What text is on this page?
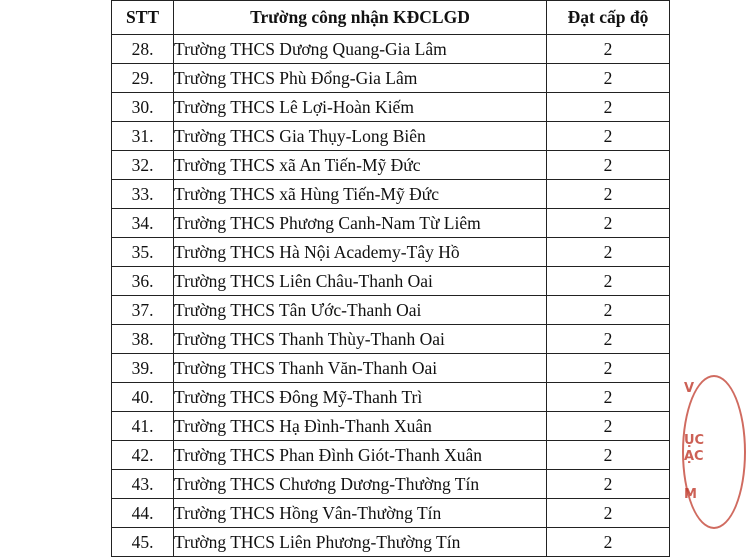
STT	Trường công nhận KĐCLGD	Đạt cấp độ
28.	Trường THCS Dương Quang-Gia Lâm	2
29.	Trường THCS Phù Đổng-Gia Lâm	2
30.	Trường THCS Lê Lợi-Hoàn Kiếm	2
31.	Trường THCS Gia Thụy-Long Biên	2
32.	Trường THCS xã An Tiến-Mỹ Đức	2
33.	Trường THCS xã Hùng Tiến-Mỹ Đức	2
34.	Trường THCS Phương Canh-Nam Từ Liêm	2
35.	Trường THCS Hà Nội Academy-Tây Hồ	2
36.	Trường THCS Liên Châu-Thanh Oai	2
37.	Trường THCS Tân Ước-Thanh Oai	2
38.	Trường THCS Thanh Thùy-Thanh Oai	2
39.	Trường THCS Thanh Văn-Thanh Oai	2
40.	Trường THCS Đông Mỹ-Thanh Trì	2
41.	Trường THCS Hạ Đình-Thanh Xuân	2
42.	Trường THCS Phan Đình Giót-Thanh Xuân	2
43.	Trường THCS Chương Dương-Thường Tín	2
44.	Trường THCS Hồng Vân-Thường Tín	2
45.	Trường THCS Liên Phương-Thường Tín	2
V
ỤC
ẠC
M
